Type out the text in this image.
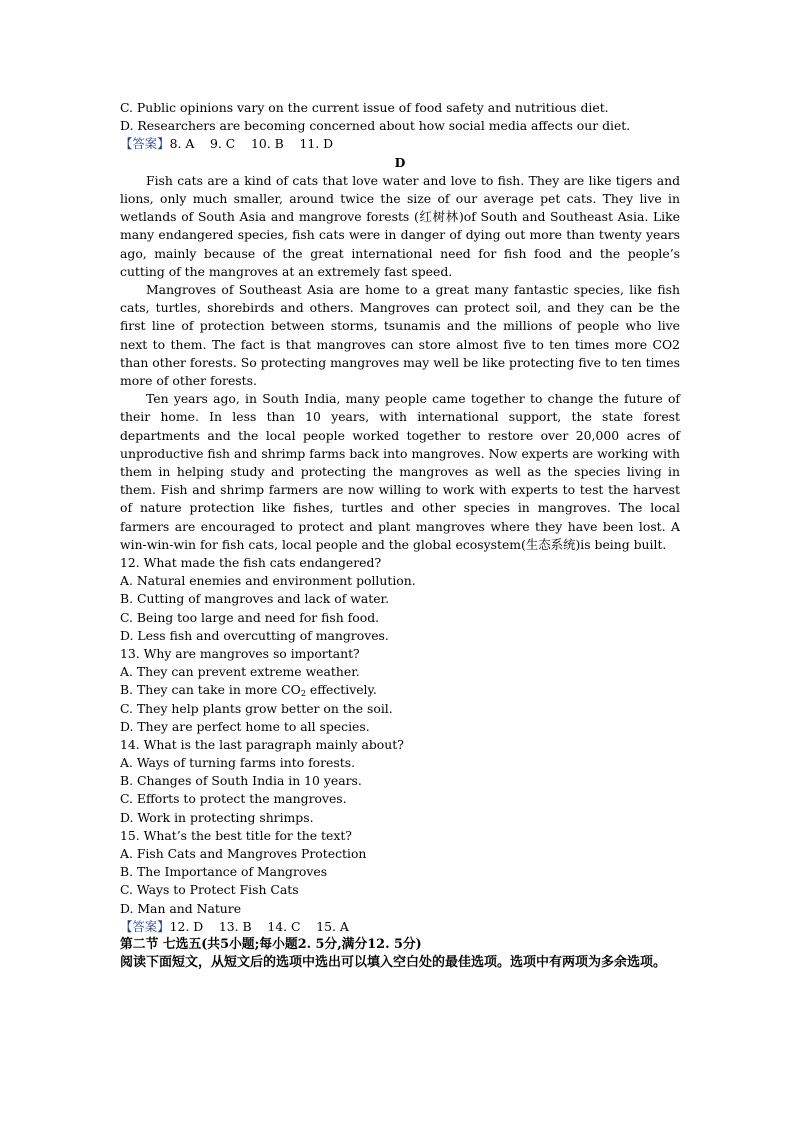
C. Public opinions vary on the current issue of food safety and nutritious diet.
D. Researchers are becoming concerned about how social media affects our diet.
【答案】8. A    9. C    10. B    11. D
D

Fish cats are a kind of cats that love water and love to fish. They are like tigers and lions, only much smaller, around twice the size of our average pet cats. They live in wetlands of South Asia and mangrove forests (红树林)of South and Southeast Asia. Like many endangered species, fish cats were in danger of dying out more than twenty years ago, mainly because of the great international need for fish food and the people’s cutting of the mangroves at an extremely fast speed.

Mangroves of Southeast Asia are home to a great many fantastic species, like fish cats, turtles, shorebirds and others. Mangroves can protect soil, and they can be the first line of protection between storms, tsunamis and the millions of people who live next to them. The fact is that mangroves can store almost five to ten times more CO2 than other forests. So protecting mangroves may well be like protecting five to ten times more of other forests.

Ten years ago, in South India, many people came together to change the future of their home. In less than 10 years, with international support, the state forest departments and the local people worked together to restore over 20,000 acres of unproductive fish and shrimp farms back into mangroves. Now experts are working with them in helping study and protecting the mangroves as well as the species living in them. Fish and shrimp farmers are now willing to work with experts to test the harvest of nature protection like fishes, turtles and other species in mangroves. The local farmers are encouraged to protect and plant mangroves where they have been lost. A win-win-win for fish cats, local people and the global ecosystem(生态系统)is being built.

12. What made the fish cats endangered?
A. Natural enemies and environment pollution.
B. Cutting of mangroves and lack of water.
C. Being too large and need for fish food.
D. Less fish and overcutting of mangroves.
13. Why are mangroves so important?
A. They can prevent extreme weather.
B. They can take in more $CO_2$ effectively.
C. They help plants grow better on the soil.
D. They are perfect home to all species.
14. What is the last paragraph mainly about?
A. Ways of turning farms into forests.
B. Changes of South India in 10 years.
C. Efforts to protect the mangroves.
D. Work in protecting shrimps.
15. What’s the best title for the text?
A. Fish Cats and Mangroves Protection
B. The Importance of Mangroves
C. Ways to Protect Fish Cats
D. Man and Nature
【答案】12. D    13. B    14. C    15. A
第二节 七选五(共5小题;每小题2. 5分,满分12. 5分)
阅读下面短文，从短文后的选项中选出可以填入空白处的最佳选项。选项中有两项为多余选项。
